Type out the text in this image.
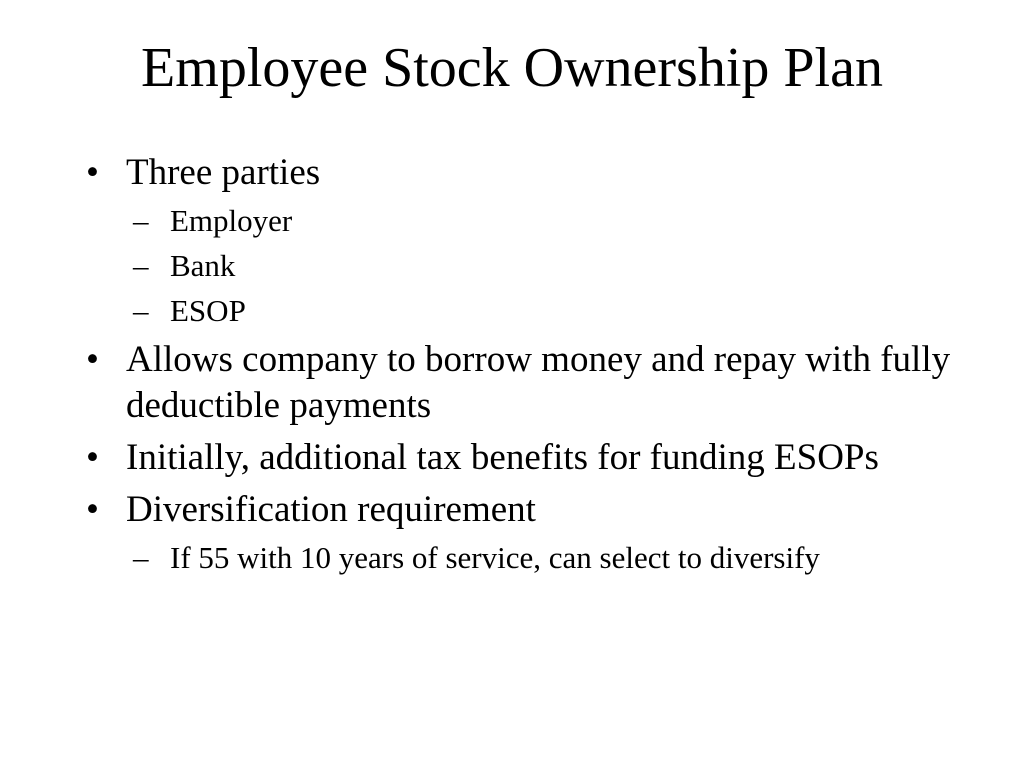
Employee Stock Ownership Plan
• Three parties
– Employer
– Bank
– ESOP
• Allows company to borrow money and repay with fully deductible payments
• Initially, additional tax benefits for funding ESOPs
• Diversification requirement
– If 55 with 10 years of service, can select to diversify
